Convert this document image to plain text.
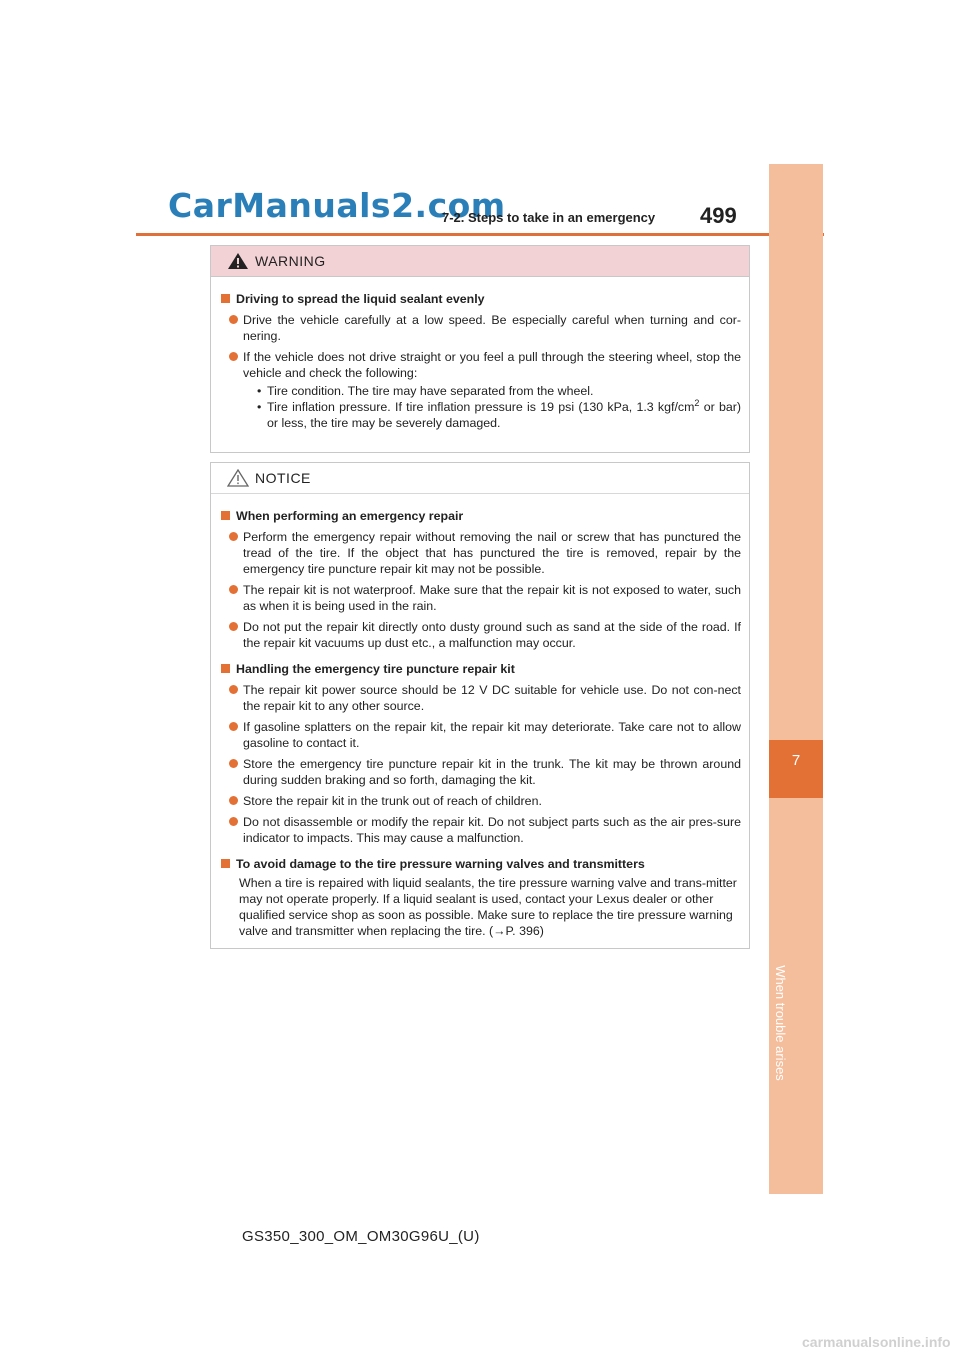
CarManuals2.com
7-2. Steps to take in an emergency 499
7
When trouble arises
WARNING
Driving to spread the liquid sealant evenly
Drive the vehicle carefully at a low speed. Be especially careful when turning and cor-nering.
If the vehicle does not drive straight or you feel a pull through the steering wheel, stop the vehicle and check the following:
• Tire condition. The tire may have separated from the wheel.
• Tire inflation pressure. If tire inflation pressure is 19 psi (130 kPa, 1.3 kgf/$cm^2$ or bar) or less, the tire may be severely damaged.
NOTICE
When performing an emergency repair
Perform the emergency repair without removing the nail or screw that has punctured the tread of the tire. If the object that has punctured the tire is removed, repair by the emergency tire puncture repair kit may not be possible.
The repair kit is not waterproof. Make sure that the repair kit is not exposed to water, such as when it is being used in the rain.
Do not put the repair kit directly onto dusty ground such as sand at the side of the road. If the repair kit vacuums up dust etc., a malfunction may occur.
Handling the emergency tire puncture repair kit
The repair kit power source should be 12 V DC suitable for vehicle use. Do not con-nect the repair kit to any other source.
If gasoline splatters on the repair kit, the repair kit may deteriorate. Take care not to allow gasoline to contact it.
Store the emergency tire puncture repair kit in the trunk. The kit may be thrown around during sudden braking and so forth, damaging the kit.
Store the repair kit in the trunk out of reach of children.
Do not disassemble or modify the repair kit. Do not subject parts such as the air pres-sure indicator to impacts. This may cause a malfunction.
To avoid damage to the tire pressure warning valves and transmitters
When a tire is repaired with liquid sealants, the tire pressure warning valve and trans-mitter may not operate properly. If a liquid sealant is used, contact your Lexus dealer or other qualified service shop as soon as possible. Make sure to replace the tire pressure warning valve and transmitter when replacing the tire. (→P. 396)
GS350_300_OM_OM30G96U_(U)
carmanualsonline.info
